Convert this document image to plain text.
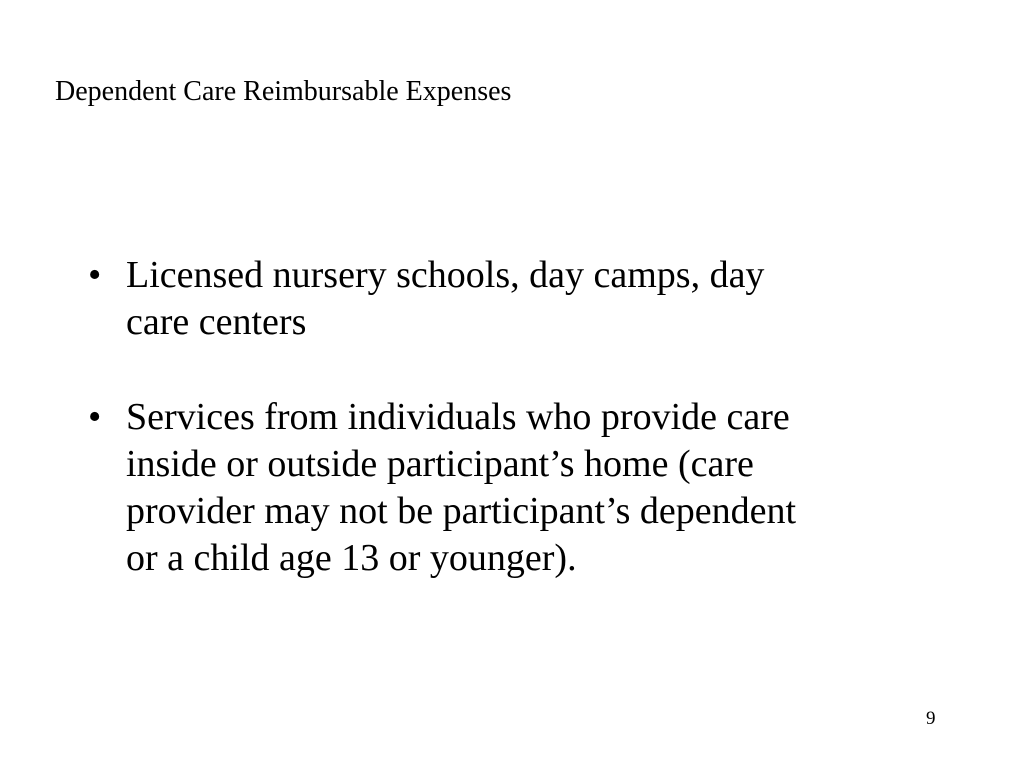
Dependent Care Reimbursable Expenses
• Licensed nursery schools, day camps, day
care centers
• Services from individuals who provide care
inside or outside participant’s home (care
provider may not be participant’s dependent
or a child age 13 or younger).
9
